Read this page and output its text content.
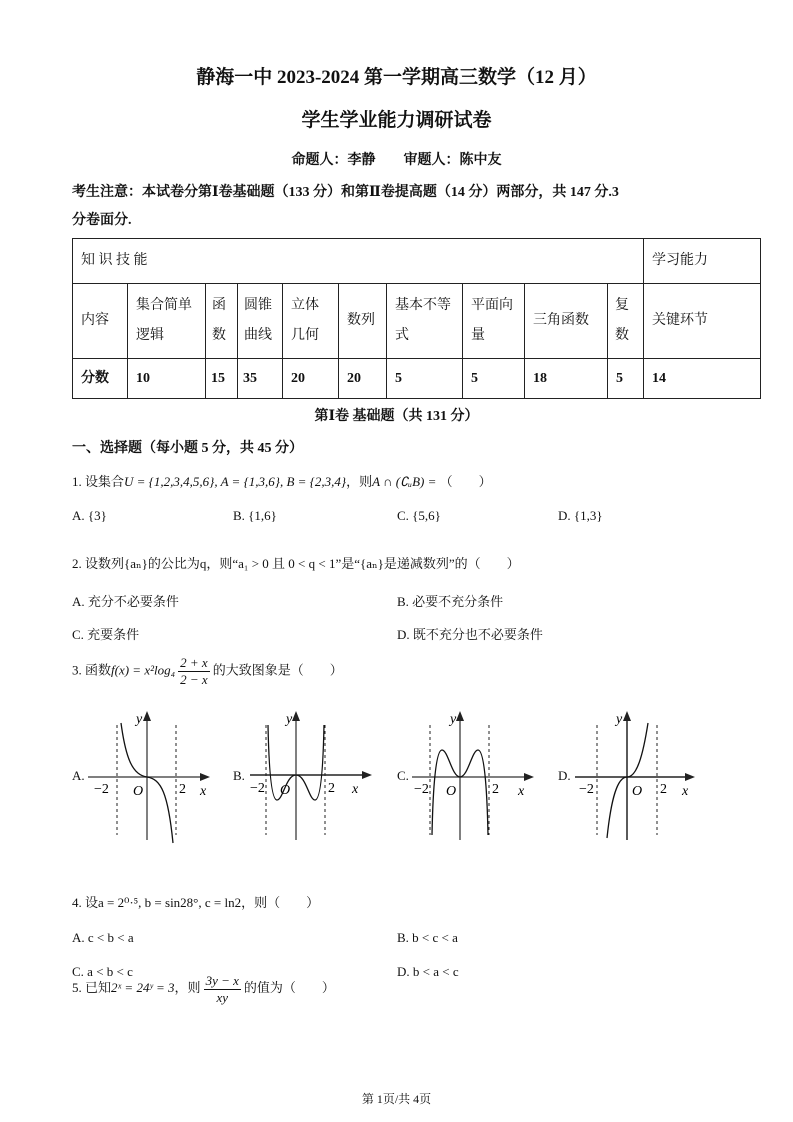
静海一中 2023-2024 第一学期高三数学（12 月）
学生学业能力调研试卷
命题人：李静　　审题人：陈中友
考生注意：本试卷分第Ⅰ卷基础题（133 分）和第Ⅱ卷提高题（14 分）两部分，共 147 分.3
分卷面分.
知 识 技 能										学习能力
内容	集合简单逻辑	函数	圆锥曲线	立体几何	数列	基本不等式	平面向量	三角函数	复数	关键环节
分数	10	15	35	20	20	5	5	18	5	14
第Ⅰ卷 基础题（共 131 分）
一、选择题（每小题 5 分，共 45 分）
1. 设集合U = {1,2,3,4,5,6}, A = {1,3,6}, B = {2,3,4}，则A ∩ (∁ᵤB) = （　　）
A. {3}	B. {1,6}	C. {5,6}	D. {1,3}
2. 设数列{aₙ}的公比为q，则“a₁ > 0 且 0 < q < 1”是“{aₙ}是递减数列”的（　　）
A. 充分不必要条件	B. 必要不充分条件
C. 充要条件	D. 既不充分也不必要条件
3. 函数$f(x) = x^2\log_4 \frac{2 + x}{2 - x}$ 的大致图象是（　　）
A.	B.	C.	D.
y
x
O
−2	2
y
x
O
−2	2
y
x
O
−2	2
y
x
O
−2	2
4. 设a = 2⁰·⁵, b = sin28°, c = ln2，则（　　）
A. c < b < a	B. b < c < a
C. a < b < c	D. b < a < c
5. 已知2ˣ = 24ʸ = 3，则 $\frac{3y - x}{xy}$ 的值为（　　）
第 1页/共 4页
